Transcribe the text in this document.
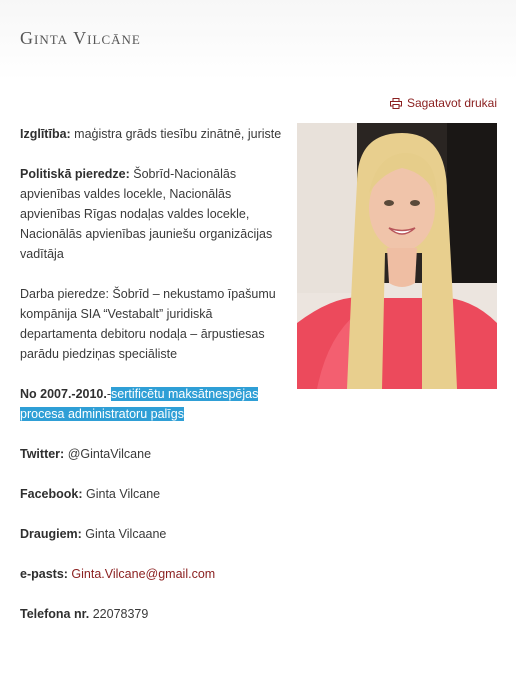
Ginta Vilcāne
Sagatavot drukai

Izglītība: maģistra grāds tiesību zinātnē, juriste

Politiskā pieredze: Šobrīd-Nacionālās apvienības valdes locekle, Nacionālās apvienības Rīgas nodaļas valdes locekle, Nacionālās apvienības jauniešu organizācijas vadītāja

Darba pieredze: Šobrīd – nekustamo īpašumu kompānija SIA “Vestabalt” juridiskā departamenta debitoru nodaļa – ārpustiesas parādu piedziņas speciāliste

No 2007.-2010.-sertificētu maksātnespējas procesa administratoru palīgs

Twitter: @GintaVilcane

Facebook: Ginta Vilcane

Draugiem: Ginta Vilcaane

e-pasts: Ginta.Vilcane@gmail.com

Telefona nr. 22078379
